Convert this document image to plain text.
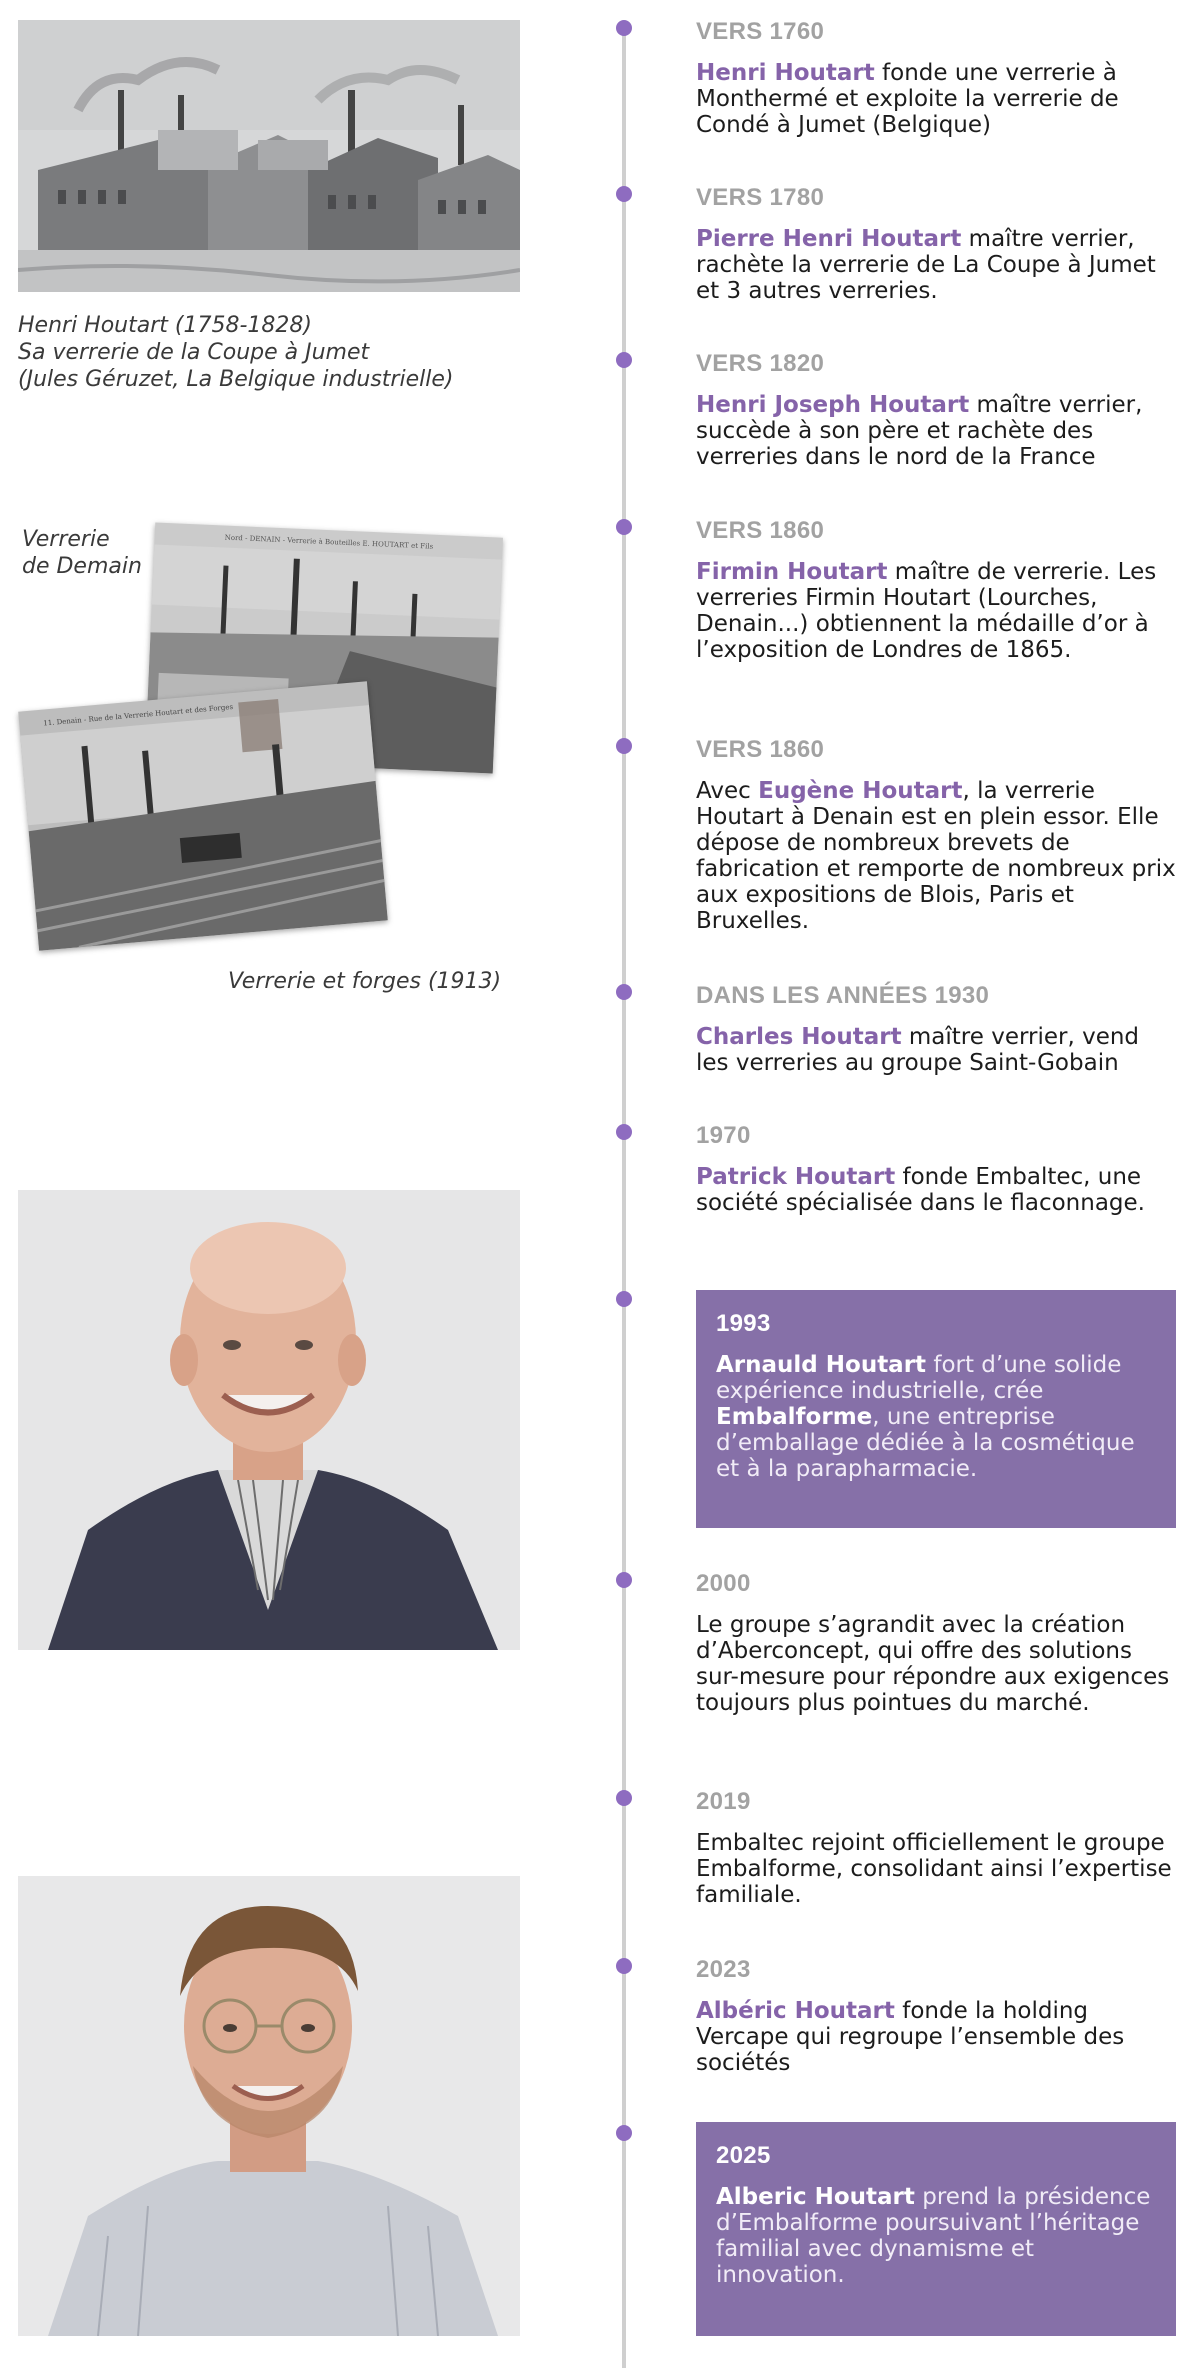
Henri Houtart (1758-1828)
Sa verrerie de la Coupe à Jumet
(Jules Géruzet, La Belgique industrielle)
Verrerie
de Demain
Nord - DENAIN - Verrerie à Bouteilles E. HOUTART et Fils
11. Denain - Rue de la Verrerie Houtart et des Forges
Verrerie et forges (1913)
VERS 1760

Henri Houtart fonde une verrerie à Monthermé et exploite la verrerie de Condé à Jumet (Belgique)

VERS 1780

Pierre Henri Houtart maître verrier, rachète la verrerie de La Coupe à Jumet et 3 autres verreries.

VERS 1820

Henri Joseph Houtart maître verrier, succède à son père et rachète des verreries dans le nord de la France

VERS 1860

Firmin Houtart maître de verrerie. Les verreries Firmin Houtart (Lourches, Denain...) obtiennent la médaille d’or à l’exposition de Londres de 1865.

VERS 1860

Avec Eugène Houtart, la verrerie Houtart à Denain est en plein essor. Elle dépose de nombreux brevets de fabrication et remporte de nombreux prix aux expositions de Blois, Paris et Bruxelles.

DANS LES ANNÉES 1930

Charles Houtart maître verrier, vend les verreries au groupe Saint-Gobain

1970

Patrick Houtart fonde Embaltec, une société spécialisée dans le flaconnage.

1993

Arnauld Houtart fort d’une solide expérience industrielle, crée Embalforme, une entreprise d’emballage dédiée à la cosmétique et à la parapharmacie.

2000

Le groupe s’agrandit avec la création d’Aberconcept, qui offre des solutions sur-mesure pour répondre aux exigences toujours plus pointues du marché.

2019

Embaltec rejoint officiellement le groupe Embalforme, consolidant ainsi l’expertise familiale.

2023

Albéric Houtart fonde la holding Vercape qui regroupe l’ensemble des sociétés

2025

Alberic Houtart prend la présidence d’Embalforme poursuivant l’héritage familial avec dynamisme et innovation.
